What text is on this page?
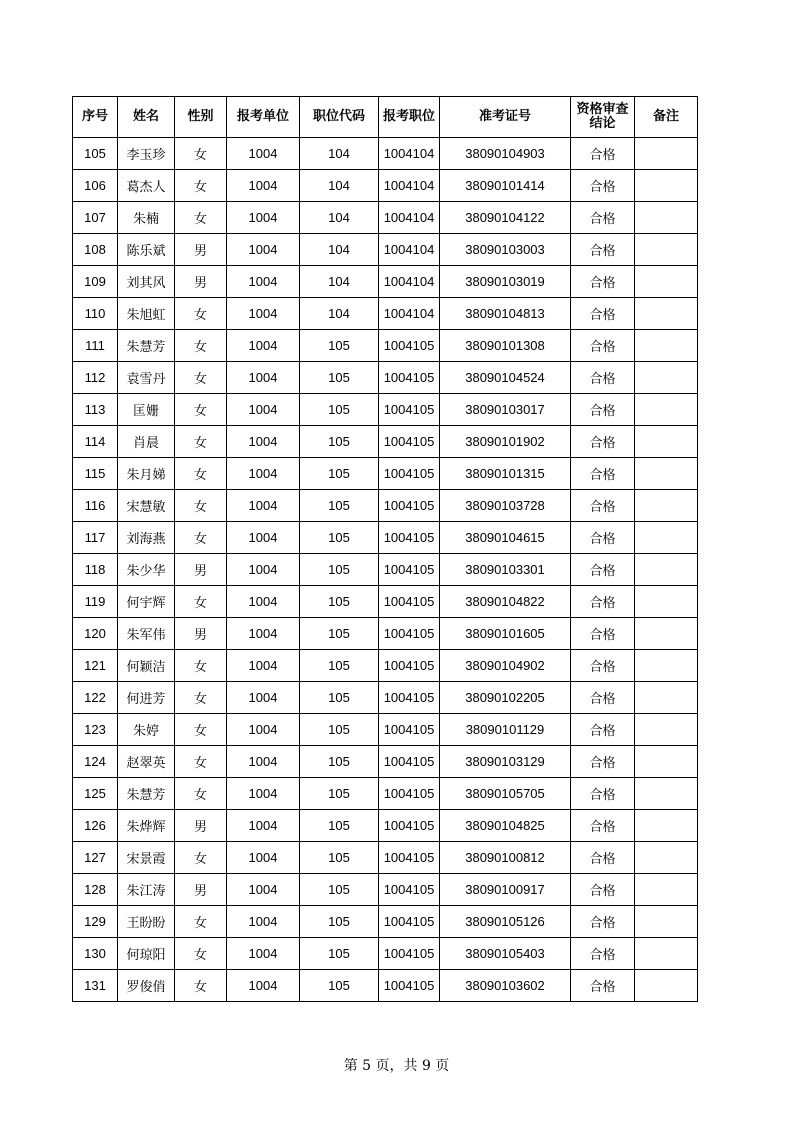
序号	姓名	性别	报考单位	职位代码	报考职位	准考证号	资格审查结论	备注
105	李玉珍	女	1004	104	1004104	38090104903	合格	
106	葛杰人	女	1004	104	1004104	38090101414	合格	
107	朱楠	女	1004	104	1004104	38090104122	合格	
108	陈乐斌	男	1004	104	1004104	38090103003	合格	
109	刘其风	男	1004	104	1004104	38090103019	合格	
110	朱旭虹	女	1004	104	1004104	38090104813	合格	
111	朱慧芳	女	1004	105	1004105	38090101308	合格	
112	袁雪丹	女	1004	105	1004105	38090104524	合格	
113	匡姗	女	1004	105	1004105	38090103017	合格	
114	肖晨	女	1004	105	1004105	38090101902	合格	
115	朱月娣	女	1004	105	1004105	38090101315	合格	
116	宋慧敏	女	1004	105	1004105	38090103728	合格	
117	刘海燕	女	1004	105	1004105	38090104615	合格	
118	朱少华	男	1004	105	1004105	38090103301	合格	
119	何宇辉	女	1004	105	1004105	38090104822	合格	
120	朱军伟	男	1004	105	1004105	38090101605	合格	
121	何颖洁	女	1004	105	1004105	38090104902	合格	
122	何进芳	女	1004	105	1004105	38090102205	合格	
123	朱婷	女	1004	105	1004105	38090101129	合格	
124	赵翠英	女	1004	105	1004105	38090103129	合格	
125	朱慧芳	女	1004	105	1004105	38090105705	合格	
126	朱烨辉	男	1004	105	1004105	38090104825	合格	
127	宋景霞	女	1004	105	1004105	38090100812	合格	
128	朱江涛	男	1004	105	1004105	38090100917	合格	
129	王盼盼	女	1004	105	1004105	38090105126	合格	
130	何琼阳	女	1004	105	1004105	38090105403	合格	
131	罗俊俏	女	1004	105	1004105	38090103602	合格	
第 5 页，共 9 页
